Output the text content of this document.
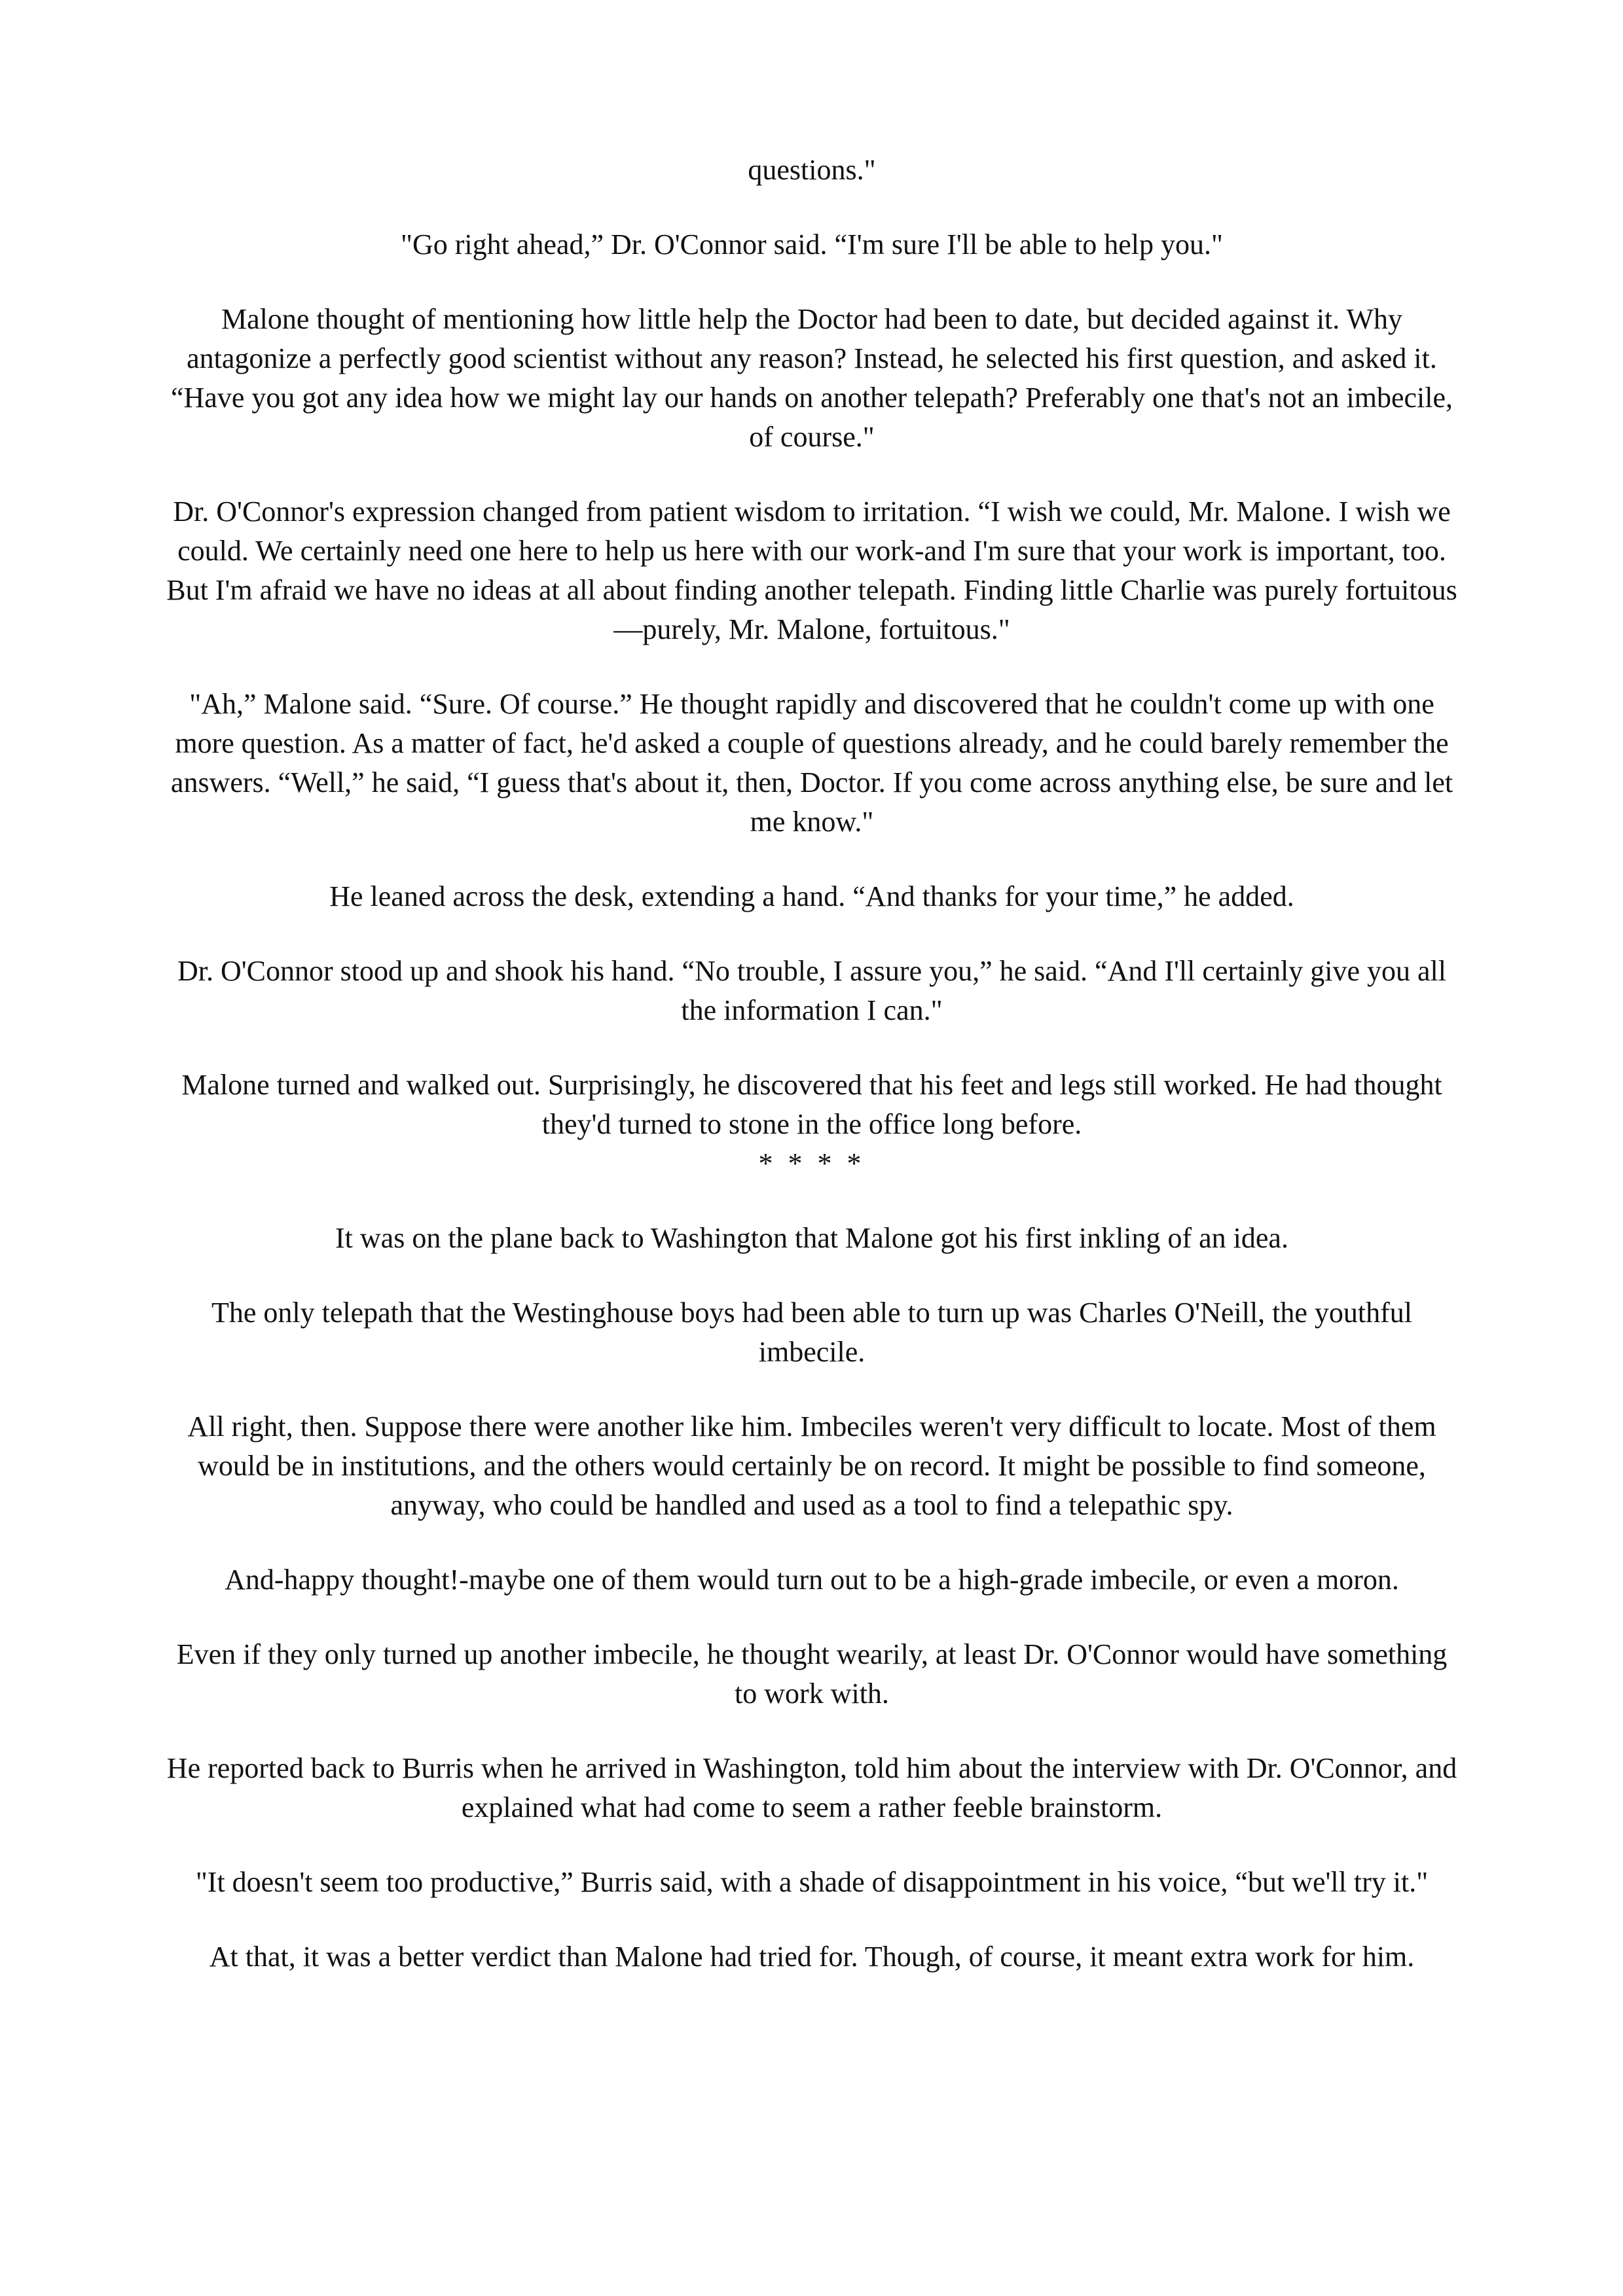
questions."

"Go right ahead,” Dr. O'Connor said. “I'm sure I'll be able to help you."

Malone thought of mentioning how little help the Doctor had been to date, but decided against it. Why antagonize a perfectly good scientist without any reason? Instead, he selected his first question, and asked it. “Have you got any idea how we might lay our hands on another telepath? Preferably one that's not an imbecile, of course."

Dr. O'Connor's expression changed from patient wisdom to irritation. “I wish we could, Mr. Malone. I wish we could. We certainly need one here to help us here with our work-and I'm sure that your work is important, too. But I'm afraid we have no ideas at all about finding another telepath. Finding little Charlie was purely fortuitous—purely, Mr. Malone, fortuitous."

"Ah,” Malone said. “Sure. Of course.” He thought rapidly and discovered that he couldn't come up with one more question. As a matter of fact, he'd asked a couple of questions already, and he could barely remember the answers. “Well,” he said, “I guess that's about it, then, Doctor. If you come across anything else, be sure and let me know."

He leaned across the desk, extending a hand. “And thanks for your time,” he added.

Dr. O'Connor stood up and shook his hand. “No trouble, I assure you,” he said. “And I'll certainly give you all the information I can."

Malone turned and walked out. Surprisingly, he discovered that his feet and legs still worked. He had thought they'd turned to stone in the office long before.

* * * *

It was on the plane back to Washington that Malone got his first inkling of an idea.

The only telepath that the Westinghouse boys had been able to turn up was Charles O'Neill, the youthful imbecile.

All right, then. Suppose there were another like him. Imbeciles weren't very difficult to locate. Most of them would be in institutions, and the others would certainly be on record. It might be possible to find someone, anyway, who could be handled and used as a tool to find a telepathic spy.

And-happy thought!-maybe one of them would turn out to be a high-grade imbecile, or even a moron.

Even if they only turned up another imbecile, he thought wearily, at least Dr. O'Connor would have something to work with.

He reported back to Burris when he arrived in Washington, told him about the interview with Dr. O'Connor, and explained what had come to seem a rather feeble brainstorm.

"It doesn't seem too productive,” Burris said, with a shade of disappointment in his voice, “but we'll try it."

At that, it was a better verdict than Malone had tried for. Though, of course, it meant extra work for him.
